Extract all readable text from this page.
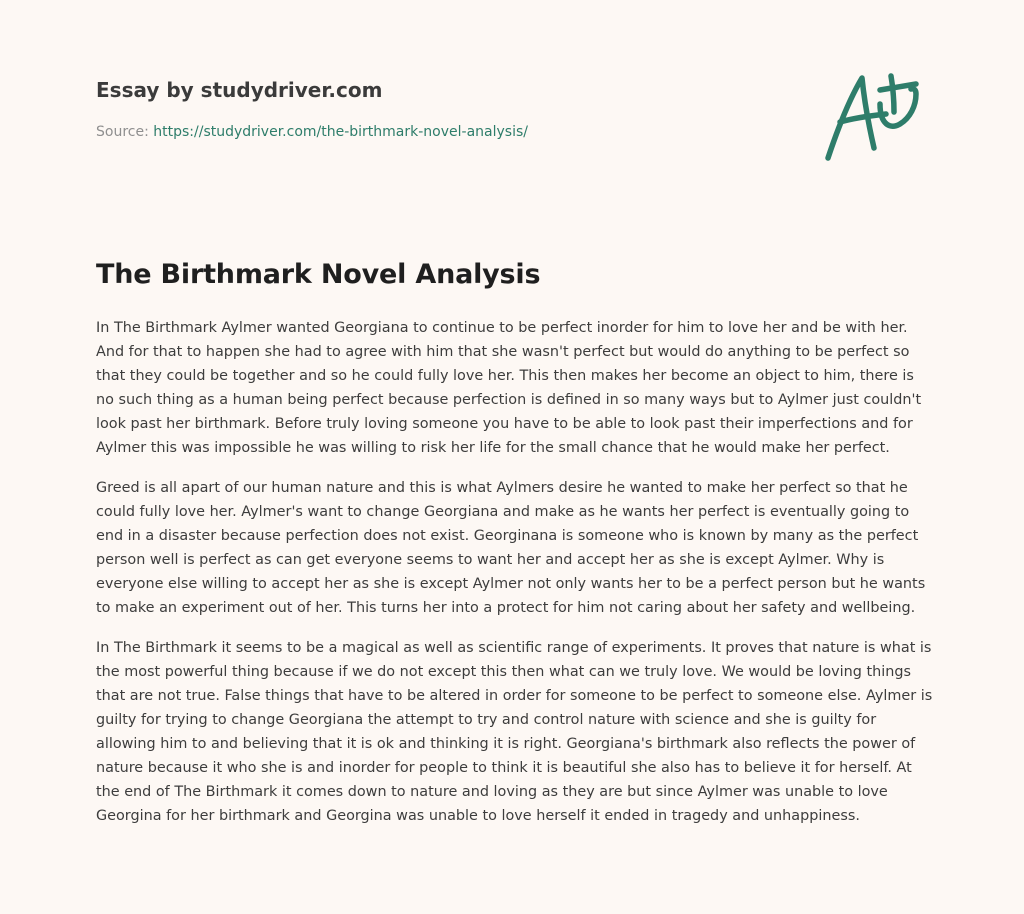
Essay by studydriver.com
Source: https://studydriver.com/the-birthmark-novel-analysis/
The Birthmark Novel Analysis

In The Birthmark Aylmer wanted Georgiana to continue to be perfect inorder for him to love her and be with her. And for that to happen she had to agree with him that she wasn't perfect but would do anything to be perfect so that they could be together and so he could fully love her. This then makes her become an object to him, there is no such thing as a human being perfect because perfection is defined in so many ways but to Aylmer just couldn't look past her birthmark. Before truly loving someone you have to be able to look past their imperfections and for Aylmer this was impossible he was willing to risk her life for the small chance that he would make her perfect.

Greed is all apart of our human nature and this is what Aylmers desire he wanted to make her perfect so that he could fully love her. Aylmer's want to change Georgiana and make as he wants her perfect is eventually going to end in a disaster because perfection does not exist. Georginana is someone who is known by many as the perfect person well is perfect as can get everyone seems to want her and accept her as she is except Aylmer. Why is everyone else willing to accept her as she is except Aylmer not only wants her to be a perfect person but he wants to make an experiment out of her. This turns her into a protect for him not caring about her safety and wellbeing.

In The Birthmark it seems to be a magical as well as scientific range of experiments. It proves that nature is what is the most powerful thing because if we do not except this then what can we truly love. We would be loving things that are not true. False things that have to be altered in order for someone to be perfect to someone else. Aylmer is guilty for trying to change Georgiana the attempt to try and control nature with science and she is guilty for allowing him to and believing that it is ok and thinking it is right. Georgiana's birthmark also reflects the power of nature because it who she is and inorder for people to think it is beautiful she also has to believe it for herself. At the end of The Birthmark it comes down to nature and loving as they are but since Aylmer was unable to love Georgina for her birthmark and Georgina was unable to love herself it ended in tragedy and unhappiness.
